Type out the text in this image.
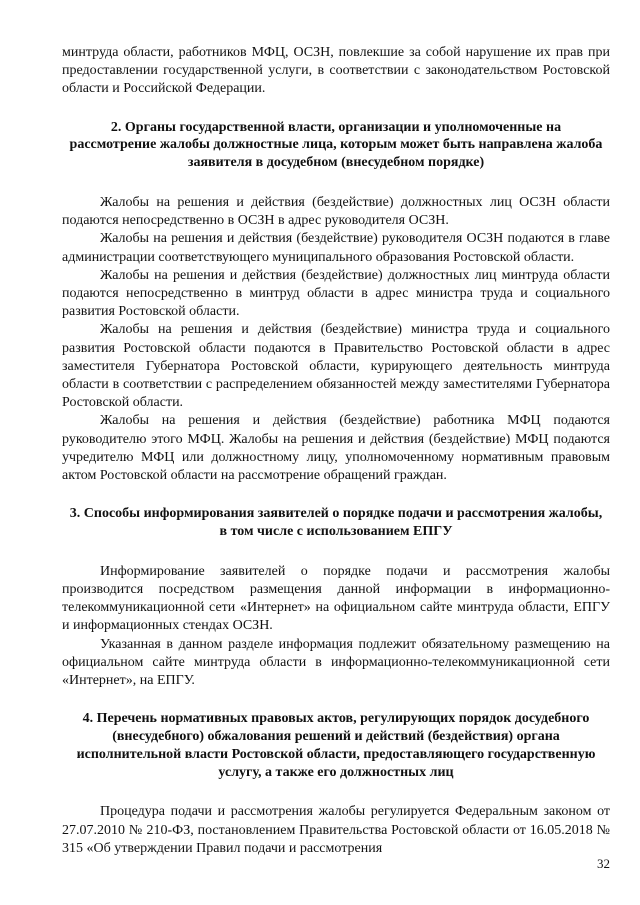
минтруда области, работников МФЦ, ОСЗН, повлекшие за собой нарушение их прав при предоставлении государственной услуги, в соответствии с законодательством Ростовской области и Российской Федерации.

2. Органы государственной власти, организации и уполномоченные на рассмотрение жалобы должностные лица, которым может быть направлена жалоба заявителя в досудебном (внесудебном порядке)

Жалобы на решения и действия (бездействие) должностных лиц ОСЗН области подаются непосредственно в ОСЗН в адрес руководителя ОСЗН.

Жалобы на решения и действия (бездействие) руководителя ОСЗН подаются в главе администрации соответствующего муниципального образования Ростовской области.

Жалобы на решения и действия (бездействие) должностных лиц минтруда области подаются непосредственно в минтруд области в адрес министра труда и социального развития Ростовской области.

Жалобы на решения и действия (бездействие) министра труда и социального развития Ростовской области подаются в Правительство Ростовской области в адрес заместителя Губернатора Ростовской области, курирующего деятельность минтруда области в соответствии с распределением обязанностей между заместителями Губернатора Ростовской области.

Жалобы на решения и действия (бездействие) работника МФЦ подаются руководителю этого МФЦ. Жалобы на решения и действия (бездействие) МФЦ подаются учредителю МФЦ или должностному лицу, уполномоченному нормативным правовым актом Ростовской области на рассмотрение обращений граждан.

3. Способы информирования заявителей о порядке подачи и рассмотрения жалобы, в том числе с использованием ЕПГУ

Информирование заявителей о порядке подачи и рассмотрения жалобы производится посредством размещения данной информации в информационно-телекоммуникационной сети «Интернет» на официальном сайте минтруда области, ЕПГУ и информационных стендах ОСЗН.

Указанная в данном разделе информация подлежит обязательному размещению на официальном сайте минтруда области в информационно-телекоммуникационной сети «Интернет», на ЕПГУ.

4. Перечень нормативных правовых актов, регулирующих порядок досудебного (внесудебного) обжалования решений и действий (бездействия) органа исполнительной власти Ростовской области, предоставляющего государственную услугу, а также его должностных лиц

Процедура подачи и рассмотрения жалобы регулируется Федеральным законом от 27.07.2010 № 210-ФЗ, постановлением Правительства Ростовской области от 16.05.2018 № 315 «Об утверждении Правил подачи и рассмотрения

32
